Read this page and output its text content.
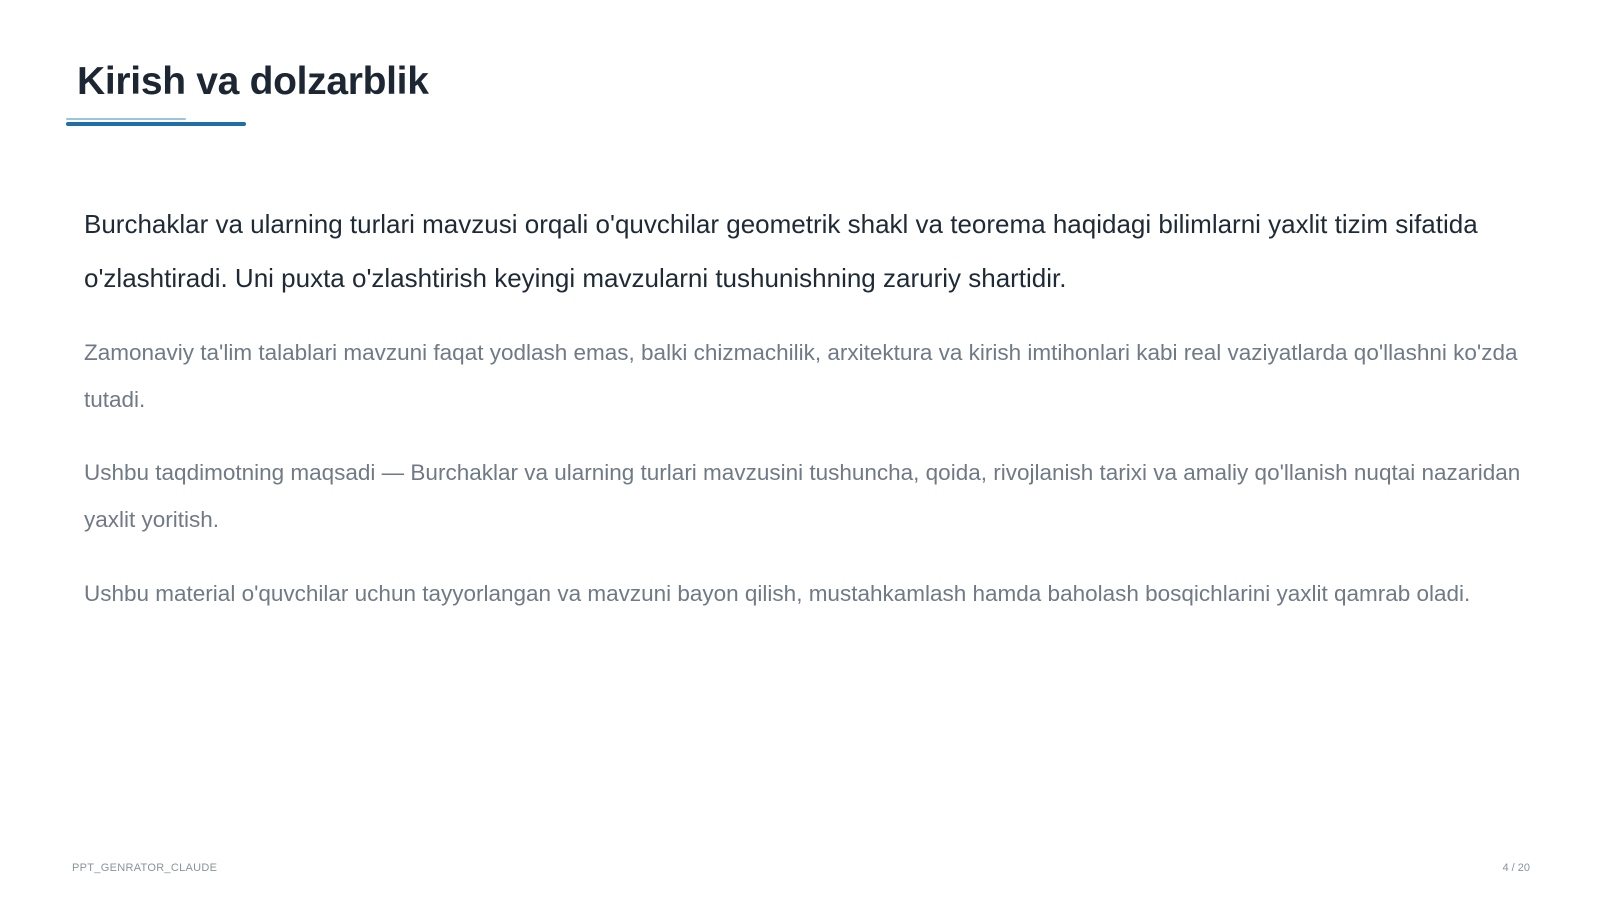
Kirish va dolzarblik

Burchaklar va ularning turlari mavzusi orqali o'quvchilar geometrik shakl va teorema haqidagi bilimlarni yaxlit tizim sifatida o'zlashtiradi. Uni puxta o'zlashtirish keyingi mavzularni tushunishning zaruriy shartidir.

Zamonaviy ta'lim talablari mavzuni faqat yodlash emas, balki chizmachilik, arxitektura va kirish imtihonlari kabi real vaziyatlarda qo'llashni ko'zda tutadi.

Ushbu taqdimotning maqsadi — Burchaklar va ularning turlari mavzusini tushuncha, qoida, rivojlanish tarixi va amaliy qo'llanish nuqtai nazaridan yaxlit yoritish.

Ushbu material o'quvchilar uchun tayyorlangan va mavzuni bayon qilish, mustahkamlash hamda baholash bosqichlarini yaxlit qamrab oladi.

PPT_GENRATOR_CLAUDE	4 / 20
